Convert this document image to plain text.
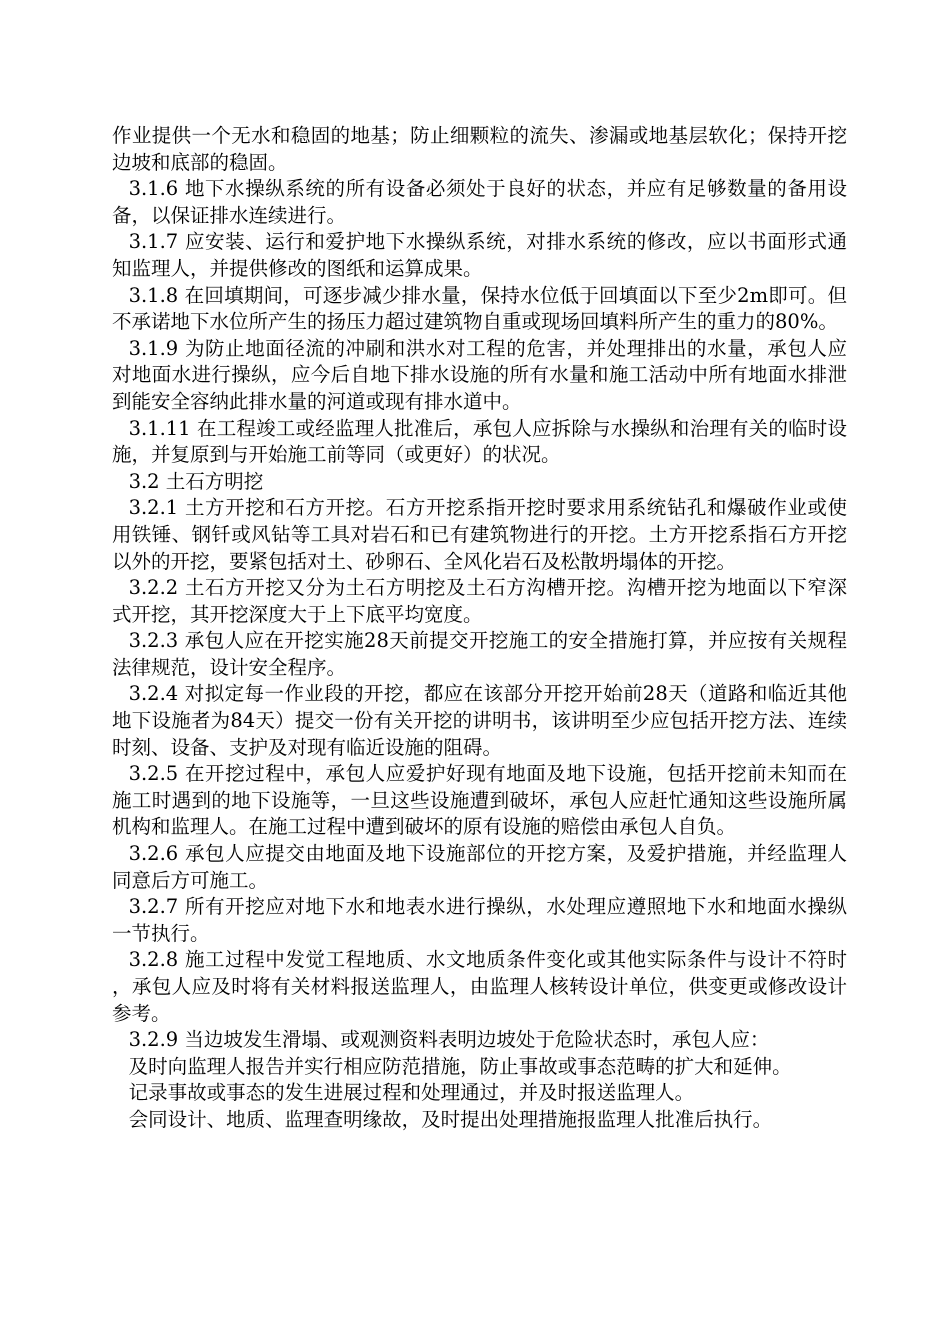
作业提供一个无水和稳固的地基；防止细颗粒的流失、渗漏或地基层软化；保持开挖边坡和底部的稳固。

3.1.6 地下水操纵系统的所有设备必须处于良好的状态，并应有足够数量的备用设备，以保证排水连续进行。

3.1.7 应安装、运行和爱护地下水操纵系统，对排水系统的修改，应以书面形式通知监理人，并提供修改的图纸和运算成果。

3.1.8 在回填期间，可逐步减少排水量，保持水位低于回填面以下至少2m即可。但不承诺地下水位所产生的扬压力超过建筑物自重或现场回填料所产生的重力的80%。

3.1.9 为防止地面径流的冲刷和洪水对工程的危害，并处理排出的水量，承包人应对地面水进行操纵，应今后自地下排水设施的所有水量和施工活动中所有地面水排泄到能安全容纳此排水量的河道或现有排水道中。

3.1.11 在工程竣工或经监理人批准后，承包人应拆除与水操纵和治理有关的临时设施，并复原到与开始施工前等同（或更好）的状况。

3.2 土石方明挖

3.2.1 土方开挖和石方开挖。石方开挖系指开挖时要求用系统钻孔和爆破作业或使用铁锤、钢钎或风钻等工具对岩石和已有建筑物进行的开挖。土方开挖系指石方开挖以外的开挖，要紧包括对土、砂卵石、全风化岩石及松散坍塌体的开挖。

3.2.2 土石方开挖又分为土石方明挖及土石方沟槽开挖。沟槽开挖为地面以下窄深式开挖，其开挖深度大于上下底平均宽度。

3.2.3 承包人应在开挖实施28天前提交开挖施工的安全措施打算，并应按有关规程法律规范，设计安全程序。

3.2.4 对拟定每一作业段的开挖，都应在该部分开挖开始前28天（道路和临近其他地下设施者为84天）提交一份有关开挖的讲明书，该讲明至少应包括开挖方法、连续时刻、设备、支护及对现有临近设施的阻碍。

3.2.5 在开挖过程中，承包人应爱护好现有地面及地下设施，包括开挖前未知而在施工时遇到的地下设施等，一旦这些设施遭到破坏，承包人应赶忙通知这些设施所属机构和监理人。在施工过程中遭到破坏的原有设施的赔偿由承包人自负。

3.2.6 承包人应提交由地面及地下设施部位的开挖方案，及爱护措施，并经监理人同意后方可施工。

3.2.7 所有开挖应对地下水和地表水进行操纵，水处理应遵照地下水和地面水操纵一节执行。

3.2.8 施工过程中发觉工程地质、水文地质条件变化或其他实际条件与设计不符时，承包人应及时将有关材料报送监理人，由监理人核转设计单位，供变更或修改设计参考。

3.2.9 当边坡发生滑塌、或观测资料表明边坡处于危险状态时，承包人应：

及时向监理人报告并实行相应防范措施，防止事故或事态范畴的扩大和延伸。

记录事故或事态的发生进展过程和处理通过，并及时报送监理人。

会同设计、地质、监理查明缘故，及时提出处理措施报监理人批准后执行。
